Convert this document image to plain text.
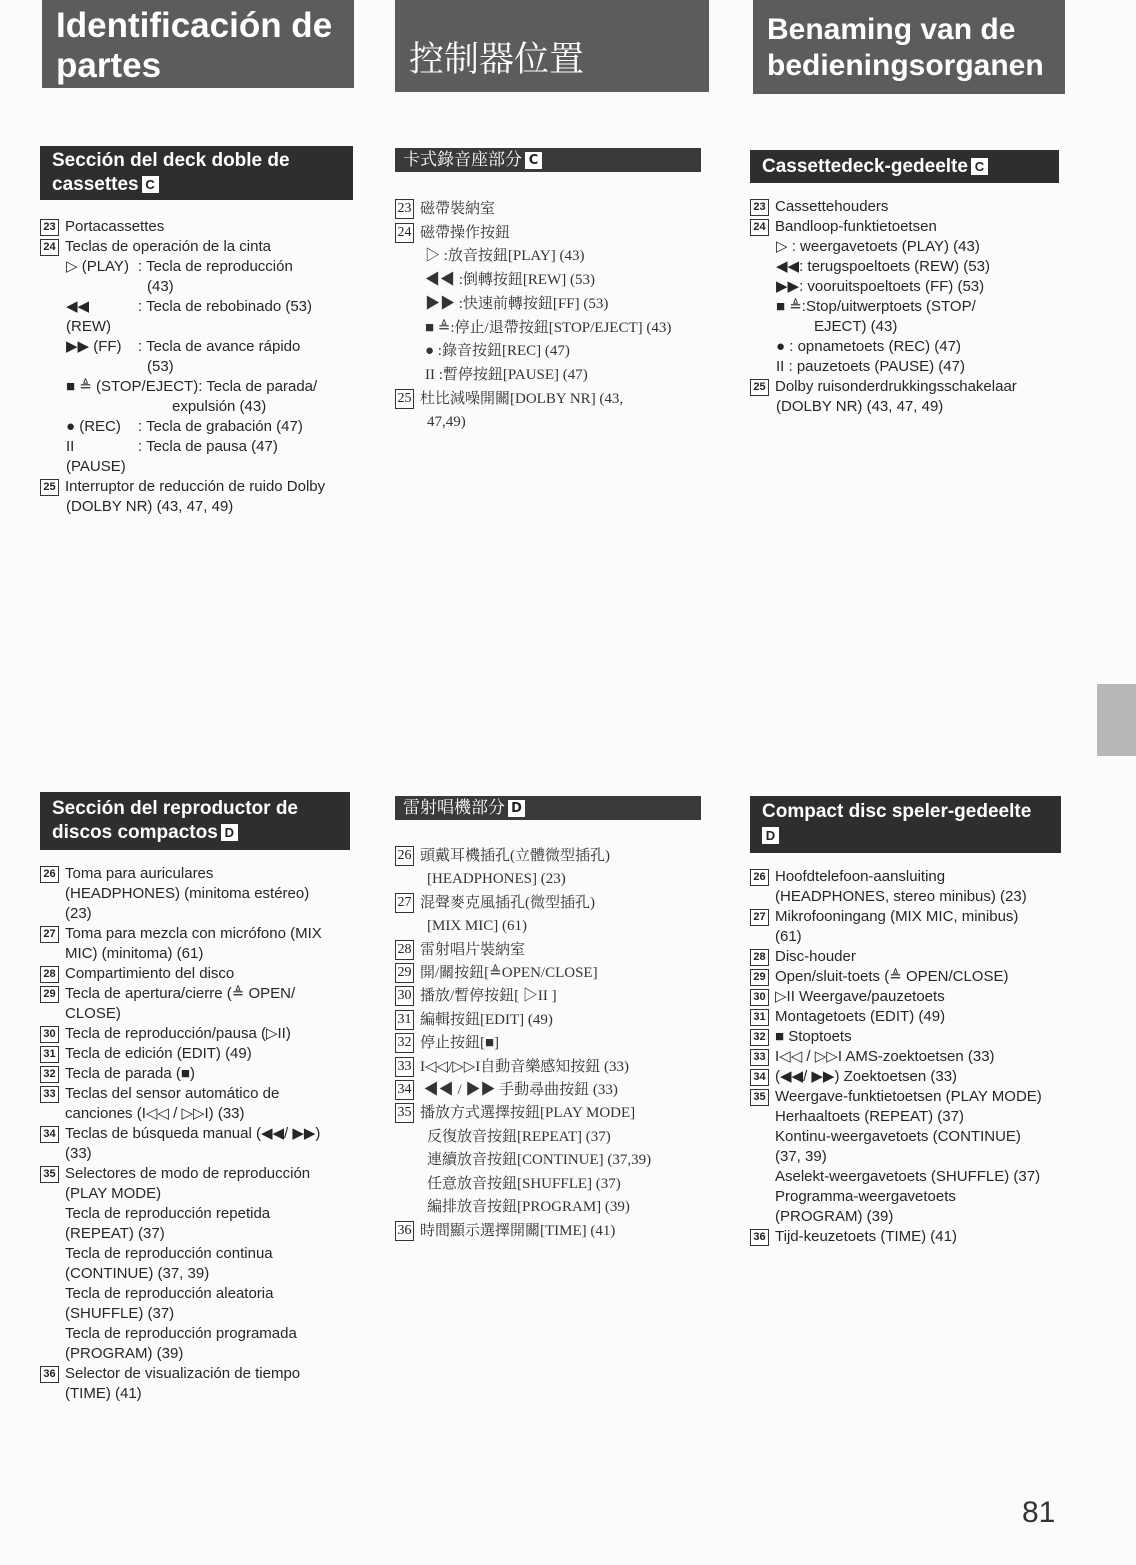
Identificación de
partes	控制器位置
Benaming van de
bedieningsorganen
Sección del deck doble de cassettes C
23 Portacassettes
24 Teclas de operación de la cinta
▷ (PLAY) : Tecla de reproducción
(43)
◀◀ (REW)
: Tecla de rebobinado (53)
▶▶ (FF)	: Tecla de avance rápido
(53)
■ ≜ (STOP/EJECT): Tecla de parada/
expulsión (43)
● (REC)	: Tecla de grabación (47)
II (PAUSE)
: Tecla de pausa (47)
25 Interruptor de reducción de ruido Dolby
(DOLBY NR) (43, 47, 49)
卡式錄音座部分 C
23 磁帶裝納室
24 磁帶操作按鈕
▷ :放音按鈕[PLAY] (43)
◀◀ :倒轉按鈕[REW] (53)
▶▶ :快速前轉按鈕[FF] (53)
■ ≜:停止/退帶按鈕[STOP/EJECT] (43)
● :錄音按鈕[REC] (47)
II :暫停按鈕[PAUSE] (47)
25 杜比減噪開關[DOLBY NR] (43,
47,49)
Cassettedeck-gedeelte C
23 Cassettehouders
24 Bandloop-funktietoetsen
▷ : weergavetoets (PLAY) (43)
◀◀: terugspoeltoets (REW) (53)
▶▶: vooruitspoeltoets (FF) (53)
■ ≜:Stop/uitwerptoets (STOP/
EJECT) (43)
● : opnametoets (REC) (47)
II : pauzetoets (PAUSE) (47)
25 Dolby ruisonderdrukkingsschakelaar
(DOLBY NR) (43, 47, 49)
Sección del reproductor de
discos compactos D
26 Toma para auriculares
(HEADPHONES) (minitoma estéreo)
(23)
27 Toma para mezcla con micrófono (MIX
MIC) (minitoma) (61)
28 Compartimiento del disco
29 Tecla de apertura/cierre (≜ OPEN/
CLOSE)
30 Tecla de reproducción/pausa (▷II)
31 Tecla de edición (EDIT) (49)
32 Tecla de parada (■)
33 Teclas del sensor automático de
canciones (I◁◁ / ▷▷I) (33)
34 Teclas de búsqueda manual (◀◀/ ▶▶)
(33)
35 Selectores de modo de reproducción
(PLAY MODE)
Tecla de reproducción repetida
(REPEAT) (37)
Tecla de reproducción continua
(CONTINUE) (37, 39)
Tecla de reproducción aleatoria
(SHUFFLE) (37)
Tecla de reproducción programada
(PROGRAM) (39)
36 Selector de visualización de tiempo
(TIME) (41)
雷射唱機部分 D
26 頭戴耳機插孔(立體微型插孔)
[HEADPHONES] (23)
27 混聲麥克風插孔(微型插孔)
[MIX MIC] (61)
28 雷射唱片裝納室
29 開/關按鈕[≜OPEN/CLOSE]
30 播放/暫停按鈕[ ▷II ]
31 編輯按鈕[EDIT] (49)
32 停止按鈕[■]
33 I◁◁/▷▷I自動音樂感知按鈕 (33)
34 ◀◀ / ▶▶ 手動尋曲按鈕 (33)
35 播放方式選擇按鈕[PLAY MODE]
反復放音按鈕[REPEAT] (37)
連續放音按鈕[CONTINUE] (37,39)
任意放音按鈕[SHUFFLE] (37)
編排放音按鈕[PROGRAM] (39)
36 時間顯示選擇開關[TIME] (41)
Compact disc speler-gedeelte
D
26 Hoofdtelefoon-aansluiting
(HEADPHONES, stereo minibus) (23)
27 Mikrofooningang (MIX MIC, minibus)
(61)
28 Disc-houder
29 Open/sluit-toets (≜ OPEN/CLOSE)
30 ▷II Weergave/pauzetoets
31 Montagetoets (EDIT) (49)
32 ■ Stoptoets
33 I◁◁ / ▷▷I AMS-zoektoetsen (33)
34 (◀◀/ ▶▶) Zoektoetsen (33)
35 Weergave-funktietoetsen (PLAY MODE)
Herhaaltoets (REPEAT) (37)
Kontinu-weergavetoets (CONTINUE)
(37, 39)
Aselekt-weergavetoets (SHUFFLE) (37)
Programma-weergavetoets
(PROGRAM) (39)
36 Tijd-keuzetoets (TIME) (41)
81
